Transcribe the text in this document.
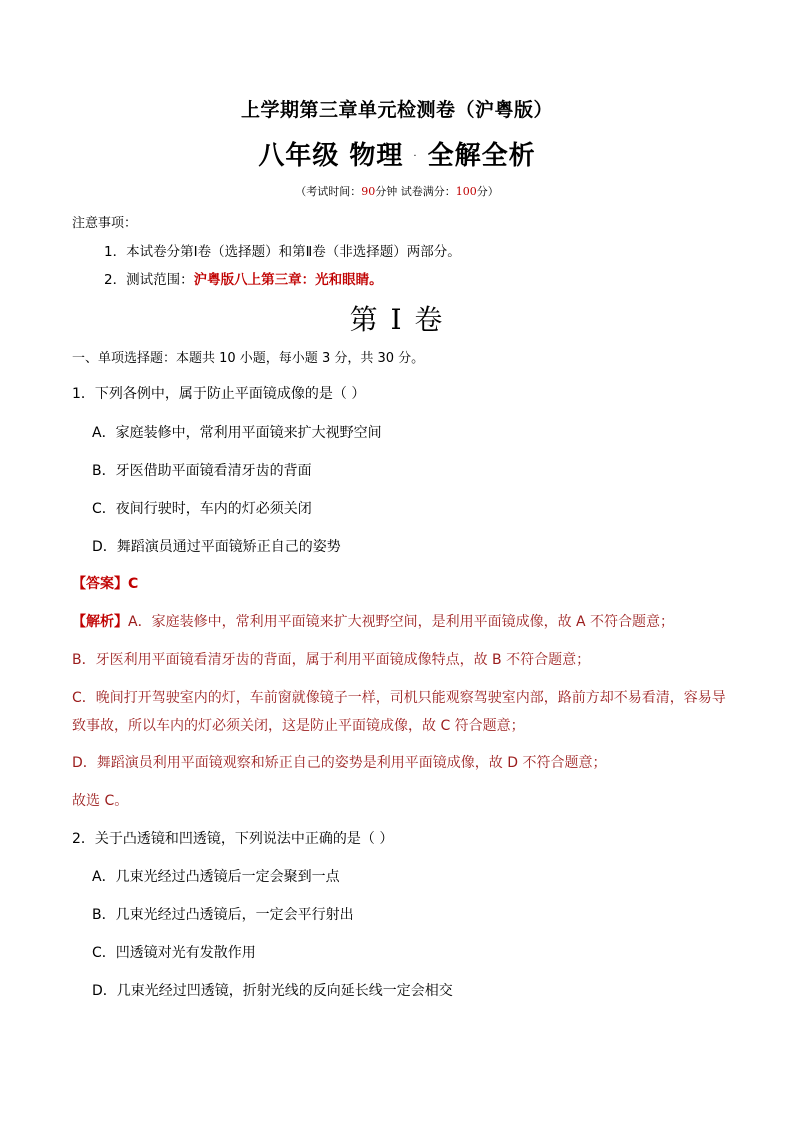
上学期第三章单元检测卷（沪粤版）
八年级 物理 · 全解全析
（考试时间：90分钟 试卷满分：100分）
注意事项：
1．本试卷分第Ⅰ卷（选择题）和第Ⅱ卷（非选择题）两部分。
2．测试范围：沪粤版八上第三章：光和眼睛。
第 I 卷
一、单项选择题：本题共 10 小题，每小题 3 分，共 30 分。
1．下列各例中，属于防止平面镜成像的是（ ）
A．家庭装修中，常利用平面镜来扩大视野空间
B．牙医借助平面镜看清牙齿的背面
C．夜间行驶时，车内的灯必须关闭
D．舞蹈演员通过平面镜矫正自己的姿势
【答案】C
【解析】A．家庭装修中，常利用平面镜来扩大视野空间，是利用平面镜成像，故 A 不符合题意；
B．牙医利用平面镜看清牙齿的背面，属于利用平面镜成像特点，故 B 不符合题意；
C．晚间打开驾驶室内的灯，车前窗就像镜子一样，司机只能观察驾驶室内部，路前方却不易看清，容易导
致事故，所以车内的灯必须关闭，这是防止平面镜成像，故 C 符合题意；
D．舞蹈演员利用平面镜观察和矫正自己的姿势是利用平面镜成像，故 D 不符合题意；
故选 C。
2．关于凸透镜和凹透镜，下列说法中正确的是（ ）
A．几束光经过凸透镜后一定会聚到一点
B．几束光经过凸透镜后，一定会平行射出
C．凹透镜对光有发散作用
D．几束光经过凹透镜，折射光线的反向延长线一定会相交
